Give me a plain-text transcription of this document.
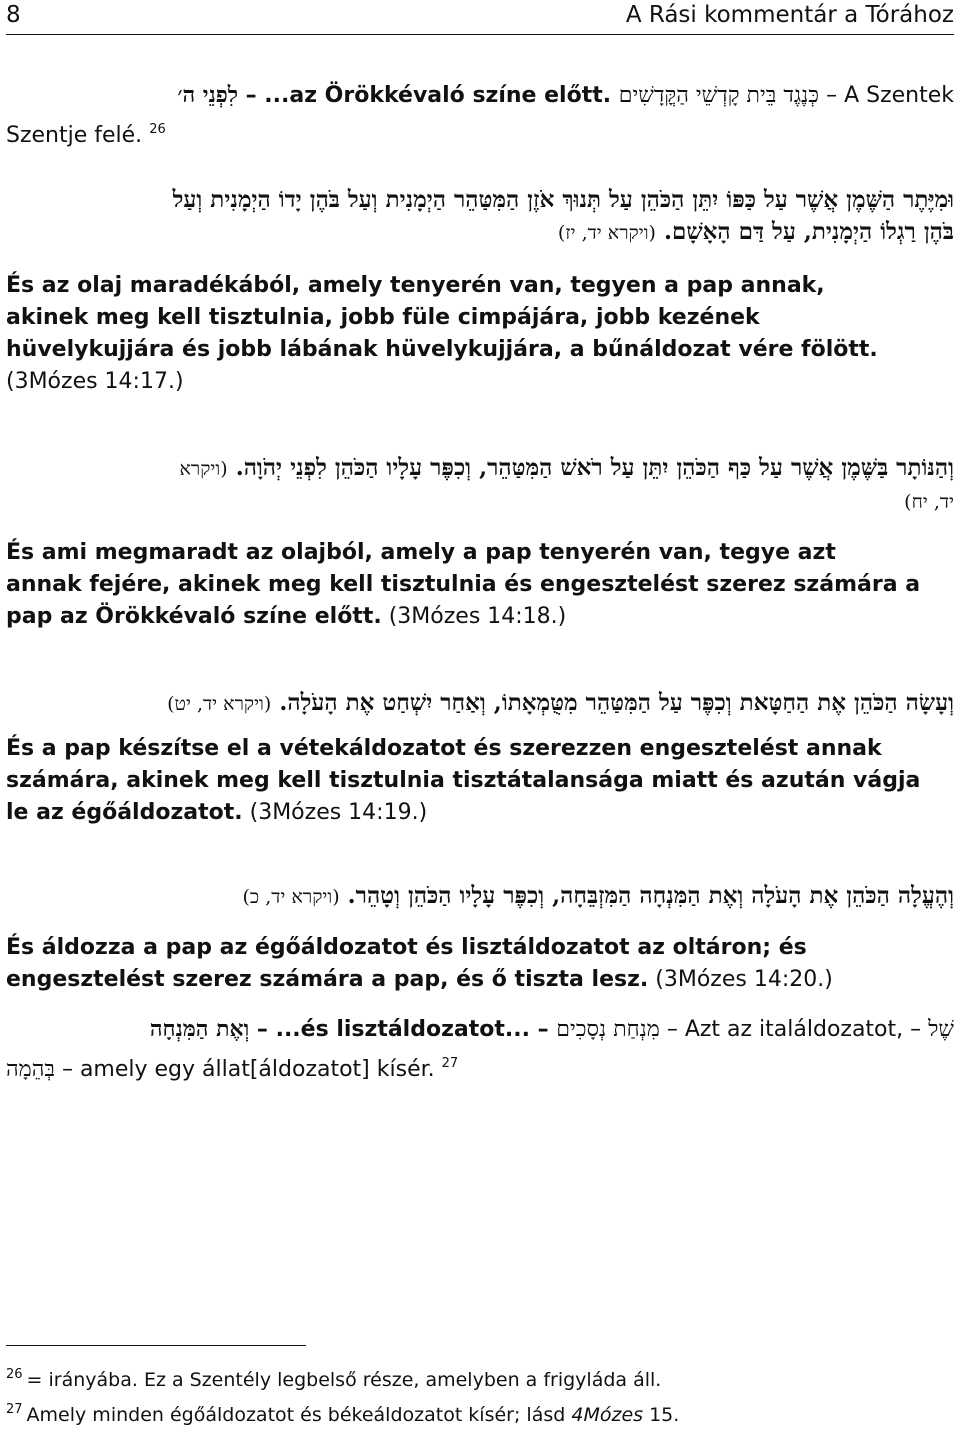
8	A Rási kommentár a Tórához
לִפְנֵי ה׳ – ...az Örökkévaló színe előtt. כְּנֶגֶד בֵּית קָדְשֵׁי הַקֳּדָשִׁים – A Szentek
Szentje felé. $^{26}$
וּמִיֶּתֶר הַשֶּׁמֶן אֲשֶׁר עַל כַּפּוֹ יִתֵּן הַכֹּהֵן עַל תְּנוּךְ אֹזֶן הַמִּטַּהֵר הַיְמָנִית וְעַל בֹּהֶן יָדוֹ הַיְמָנִית וְעַל
בֹּהֶן רַגְלוֹ הַיְמָנִית, עַל דַּם הָאָשָׁם. (ויקרא יד, יז)
És az olaj maradékából, amely tenyerén van, tegyen a pap annak,
akinek meg kell tisztulnia, jobb füle cimpájára, jobb kezének
hüvelykujjára és jobb lábának hüvelykujjára, a bűnáldozat vére fölött.
(3Mózes 14:17.)
וְהַנּוֹתָר בַּשֶּׁמֶן אֲשֶׁר עַל כַּף הַכֹּהֵן יִתֵּן עַל רֹאשׁ הַמִּטַּהֵר, וְכִפֶּר עָלָיו הַכֹּהֵן לִפְנֵי יְהֹוָה. (ויקרא
יד, יח)
És ami megmaradt az olajból, amely a pap tenyerén van, tegye azt
annak fejére, akinek meg kell tisztulnia és engesztelést szerez számára a
pap az Örökkévaló színe előtt. (3Mózes 14:18.)
וְעָשָׂה הַכֹּהֵן אֶת הַחַטָּאת וְכִפֶּר עַל הַמִּטַּהֵר מִטֻּמְאָתוֹ, וְאַחַר יִשְׁחַט אֶת הָעֹלָה. (ויקרא יד, יט)
És a pap készítse el a vétekáldozatot és szerezzen engesztelést annak
számára, akinek meg kell tisztulnia tisztátalansága miatt és azután vágja
le az égőáldozatot. (3Mózes 14:19.)
וְהֶעֱלָה הַכֹּהֵן אֶת הָעֹלָה וְאֶת הַמִּנְחָה הַמִּזְבֵּחָה, וְכִפֶּר עָלָיו הַכֹּהֵן וְטָהֵר. (ויקרא יד, כ)
És áldozza a pap az égőáldozatot és lisztáldozatot az oltáron; és
engesztelést szerez számára a pap, és ő tiszta lesz. (3Mózes 14:20.)
וְאֶת הַמִּנְחָה – ...és lisztáldozatot... – מִנְחַת נְסָכִים – Azt az italáldozatot, – שֶׁל
בְּהֵמָה – amely egy állat[áldozatot] kísér. $^{27}$
$^{26}$ = irányába. Ez a Szentély legbelső része, amelyben a frigyláda áll.
$^{27}$ Amely minden égőáldozatot és békeáldozatot kísér; lásd 4Mózes 15.
